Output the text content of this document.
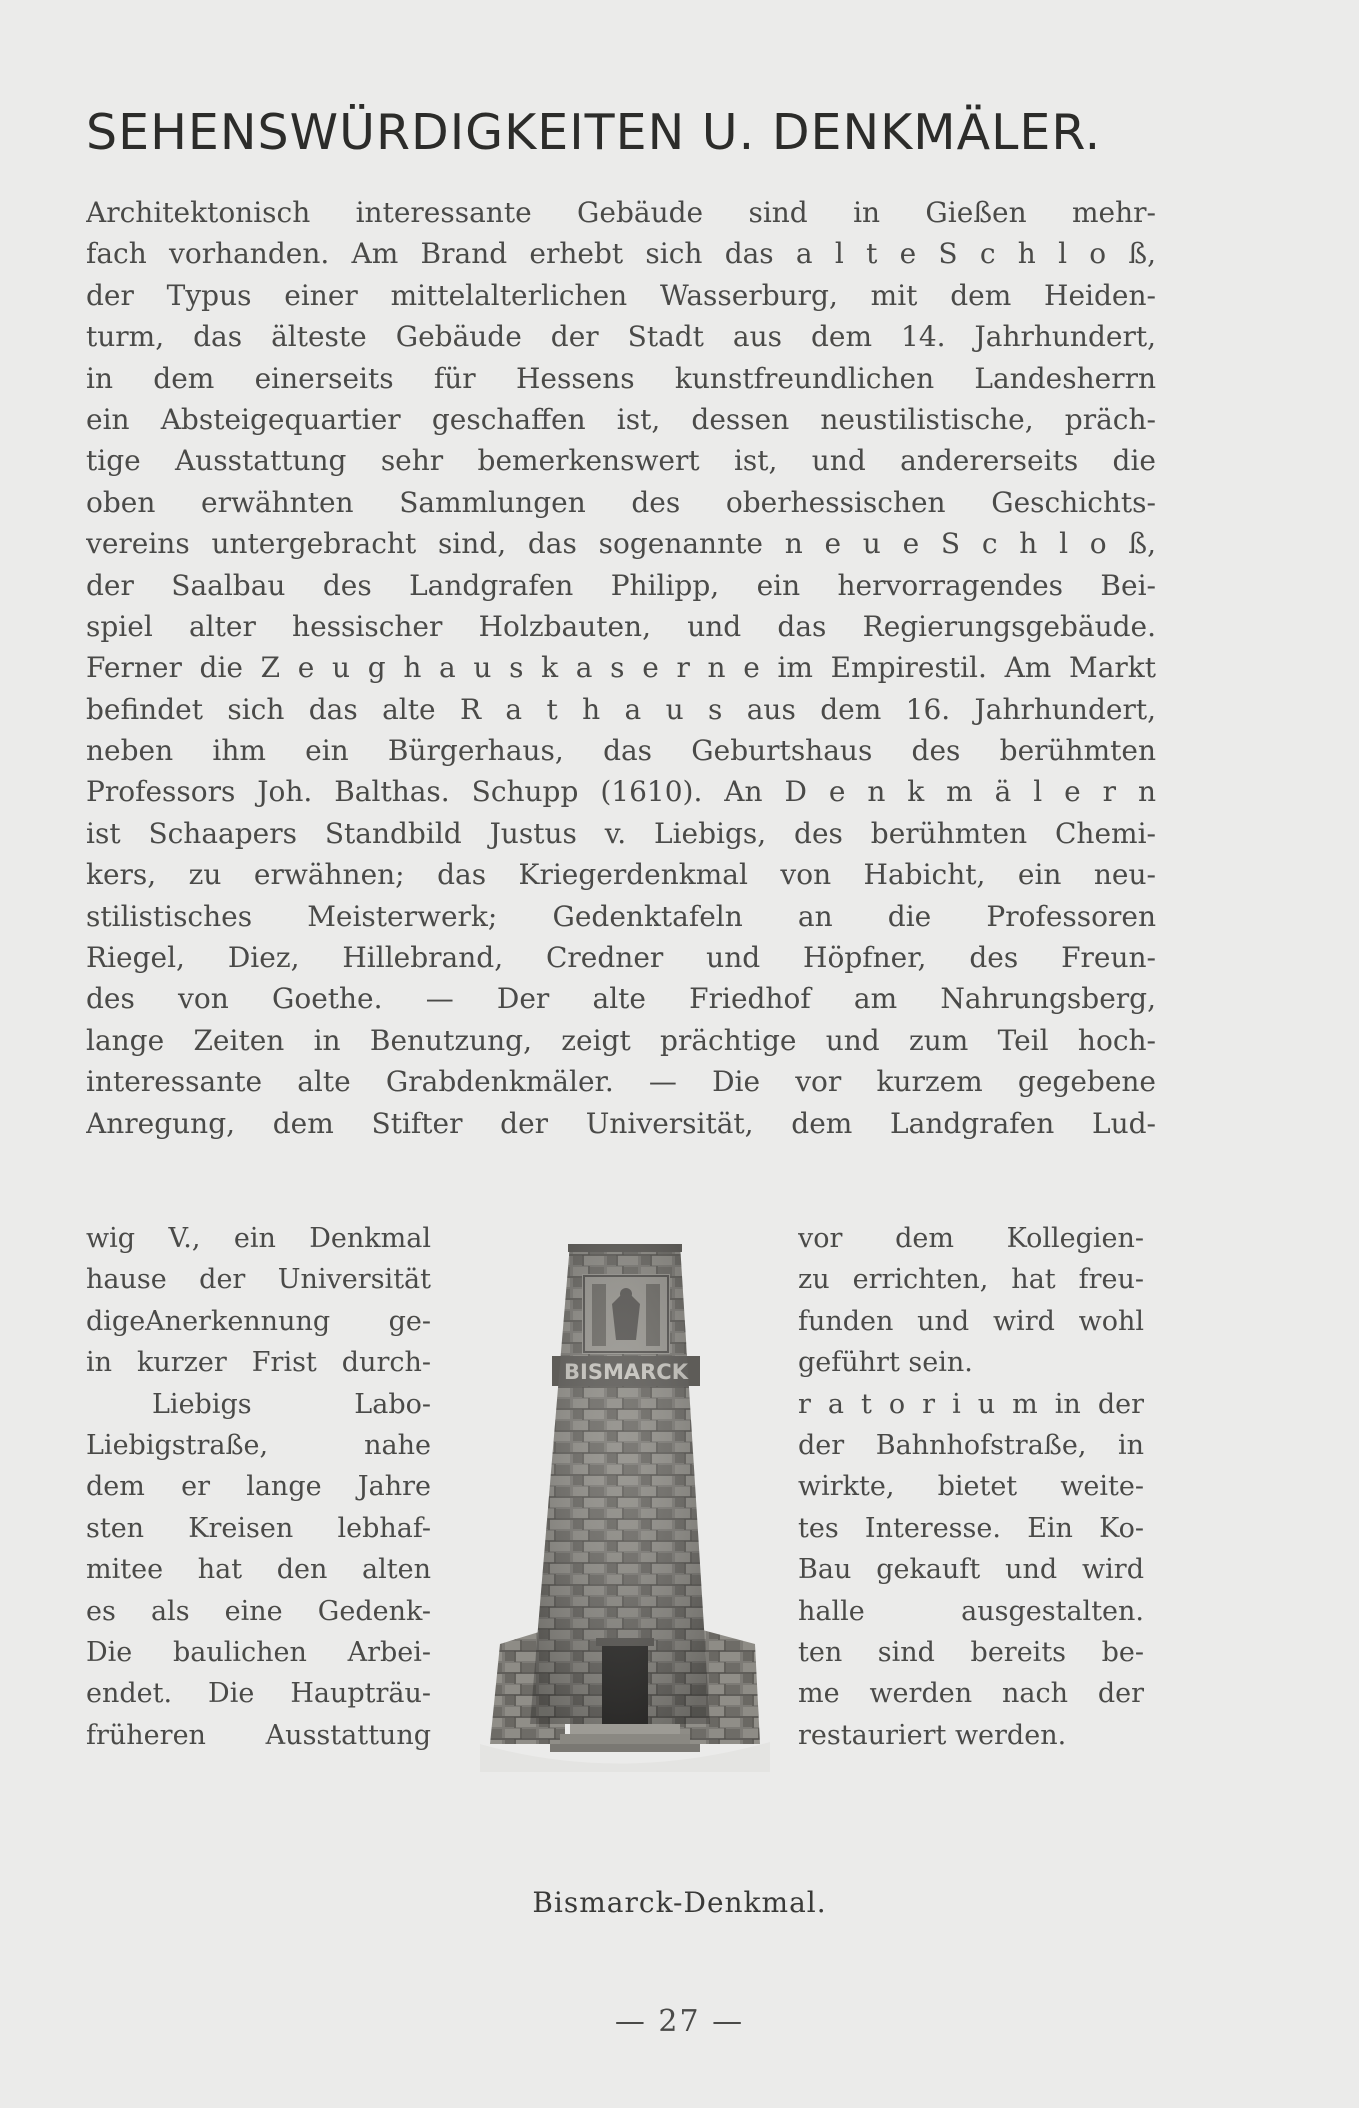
SEHENSWÜRDIGKEITEN U. DENKMÄLER.
Architektonisch interessante Gebäude sind in Gießen mehr-
fach vorhanden. Am Brand erhebt sich das a l t e S c h l o ß,
der Typus einer mittelalterlichen Wasserburg, mit dem Heiden-
turm, das älteste Gebäude der Stadt aus dem 14. Jahrhundert,
in dem einerseits für Hessens kunstfreundlichen Landesherrn
ein Absteigequartier geschaffen ist, dessen neustilistische, präch-
tige Ausstattung sehr bemerkenswert ist, und andererseits die
oben erwähnten Sammlungen des oberhessischen Geschichts-
vereins untergebracht sind, das sogenannte n e u e S c h l o ß,
der Saalbau des Landgrafen Philipp, ein hervorragendes Bei-
spiel alter hessischer Holzbauten, und das Regierungsgebäude.
Ferner die Z e u g h a u s k a s e r n e im Empirestil. Am Markt
befindet sich das alte R a t h a u s aus dem 16. Jahrhundert,
neben ihm ein Bürgerhaus, das Geburtshaus des berühmten
Professors Joh. Balthas. Schupp (1610). An D e n k m ä l e r n
ist Schaapers Standbild Justus v. Liebigs, des berühmten Chemi-
kers, zu erwähnen; das Kriegerdenkmal von Habicht, ein neu-
stilistisches Meisterwerk; Gedenktafeln an die Professoren
Riegel, Diez, Hillebrand, Credner und Höpfner, des Freun-
des von Goethe. — Der alte Friedhof am Nahrungsberg,
lange Zeiten in Benutzung, zeigt prächtige und zum Teil hoch-
interessante alte Grabdenkmäler. — Die vor kurzem gegebene
Anregung, dem Stifter der Universität, dem Landgrafen Lud-
wig V., ein Denkmal
hause der Universität
digeAnerkennung ge-
in kurzer Frist durch-
Liebigs Labo-
Liebigstraße, nahe
dem er lange Jahre
sten Kreisen lebhaf-
mitee hat den alten
es als eine Gedenk-
Die baulichen Arbei-
endet. Die Haupträu-
früheren Ausstattung
vor dem Kollegien-
zu errichten, hat freu-
funden und wird wohl
geführt sein.
r a t o r i u m in der
der Bahnhofstraße, in
wirkte, bietet weite-
tes Interesse. Ein Ko-
Bau gekauft und wird
halle ausgestalten.
ten sind bereits be-
me werden nach der
restauriert werden.
Bismarck-Denkmal.
— 27 —
